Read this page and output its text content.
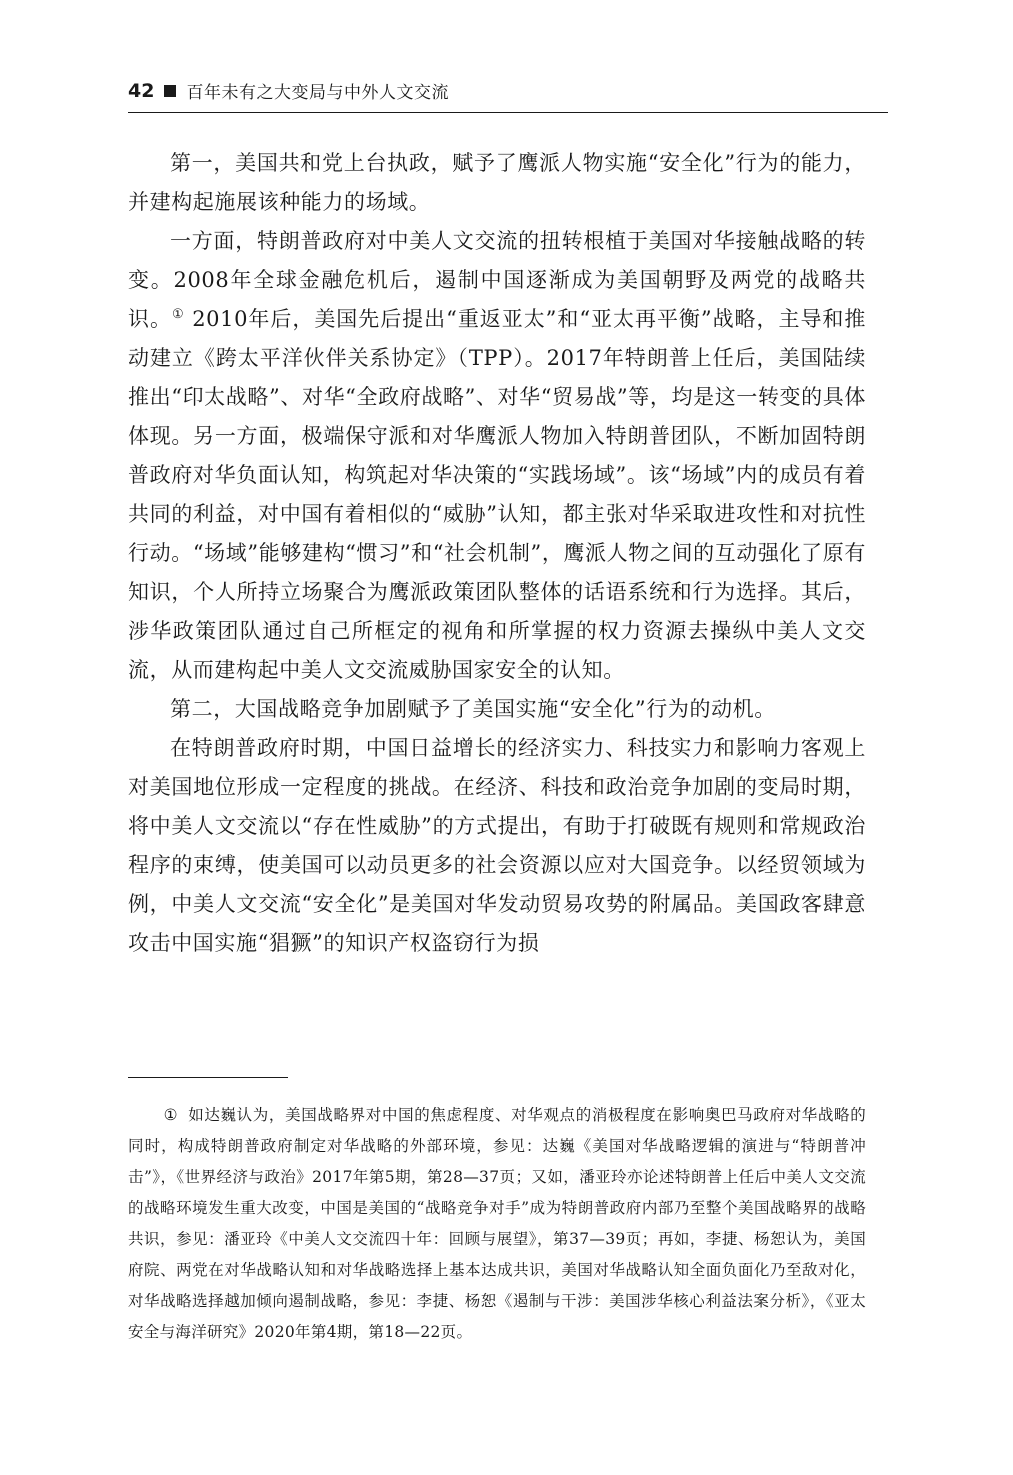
42 百年未有之大变局与中外人文交流

第一，美国共和党上台执政，赋予了鹰派人物实施“安全化”行为的能力，并建构起施展该种能力的场域。

一方面，特朗普政府对中美人文交流的扭转根植于美国对华接触战略的转变。2008年全球金融危机后，遏制中国逐渐成为美国朝野及两党的战略共识。① 2010年后，美国先后提出“重返亚太”和“亚太再平衡”战略，主导和推动建立《跨太平洋伙伴关系协定》（TPP）。2017年特朗普上任后，美国陆续推出“印太战略”、对华“全政府战略”、对华“贸易战”等，均是这一转变的具体体现。另一方面，极端保守派和对华鹰派人物加入特朗普团队，不断加固特朗普政府对华负面认知，构筑起对华决策的“实践场域”。该“场域”内的成员有着共同的利益，对中国有着相似的“威胁”认知，都主张对华采取进攻性和对抗性行动。“场域”能够建构“惯习”和“社会机制”，鹰派人物之间的互动强化了原有知识，个人所持立场聚合为鹰派政策团队整体的话语系统和行为选择。其后，涉华政策团队通过自己所框定的视角和所掌握的权力资源去操纵中美人文交流，从而建构起中美人文交流威胁国家安全的认知。

第二，大国战略竞争加剧赋予了美国实施“安全化”行为的动机。

在特朗普政府时期，中国日益增长的经济实力、科技实力和影响力客观上对美国地位形成一定程度的挑战。在经济、科技和政治竞争加剧的变局时期，将中美人文交流以“存在性威胁”的方式提出，有助于打破既有规则和常规政治程序的束缚，使美国可以动员更多的社会资源以应对大国竞争。以经贸领域为例，中美人文交流“安全化”是美国对华发动贸易攻势的附属品。美国政客肆意攻击中国实施“猖獗”的知识产权盗窃行为损

① 如达巍认为，美国战略界对中国的焦虑程度、对华观点的消极程度在影响奥巴马政府对华战略的同时，构成特朗普政府制定对华战略的外部环境，参见：达巍《美国对华战略逻辑的演进与“特朗普冲击”》，《世界经济与政治》2017年第5期，第28—37页；又如，潘亚玲亦论述特朗普上任后中美人文交流的战略环境发生重大改变，中国是美国的“战略竞争对手”成为特朗普政府内部乃至整个美国战略界的战略共识，参见：潘亚玲《中美人文交流四十年：回顾与展望》，第37—39页；再如，李捷、杨恕认为，美国府院、两党在对华战略认知和对华战略选择上基本达成共识，美国对华战略认知全面负面化乃至敌对化，对华战略选择越加倾向遏制战略，参见：李捷、杨恕《遏制与干涉：美国涉华核心利益法案分析》，《亚太安全与海洋研究》2020年第4期，第18—22页。
